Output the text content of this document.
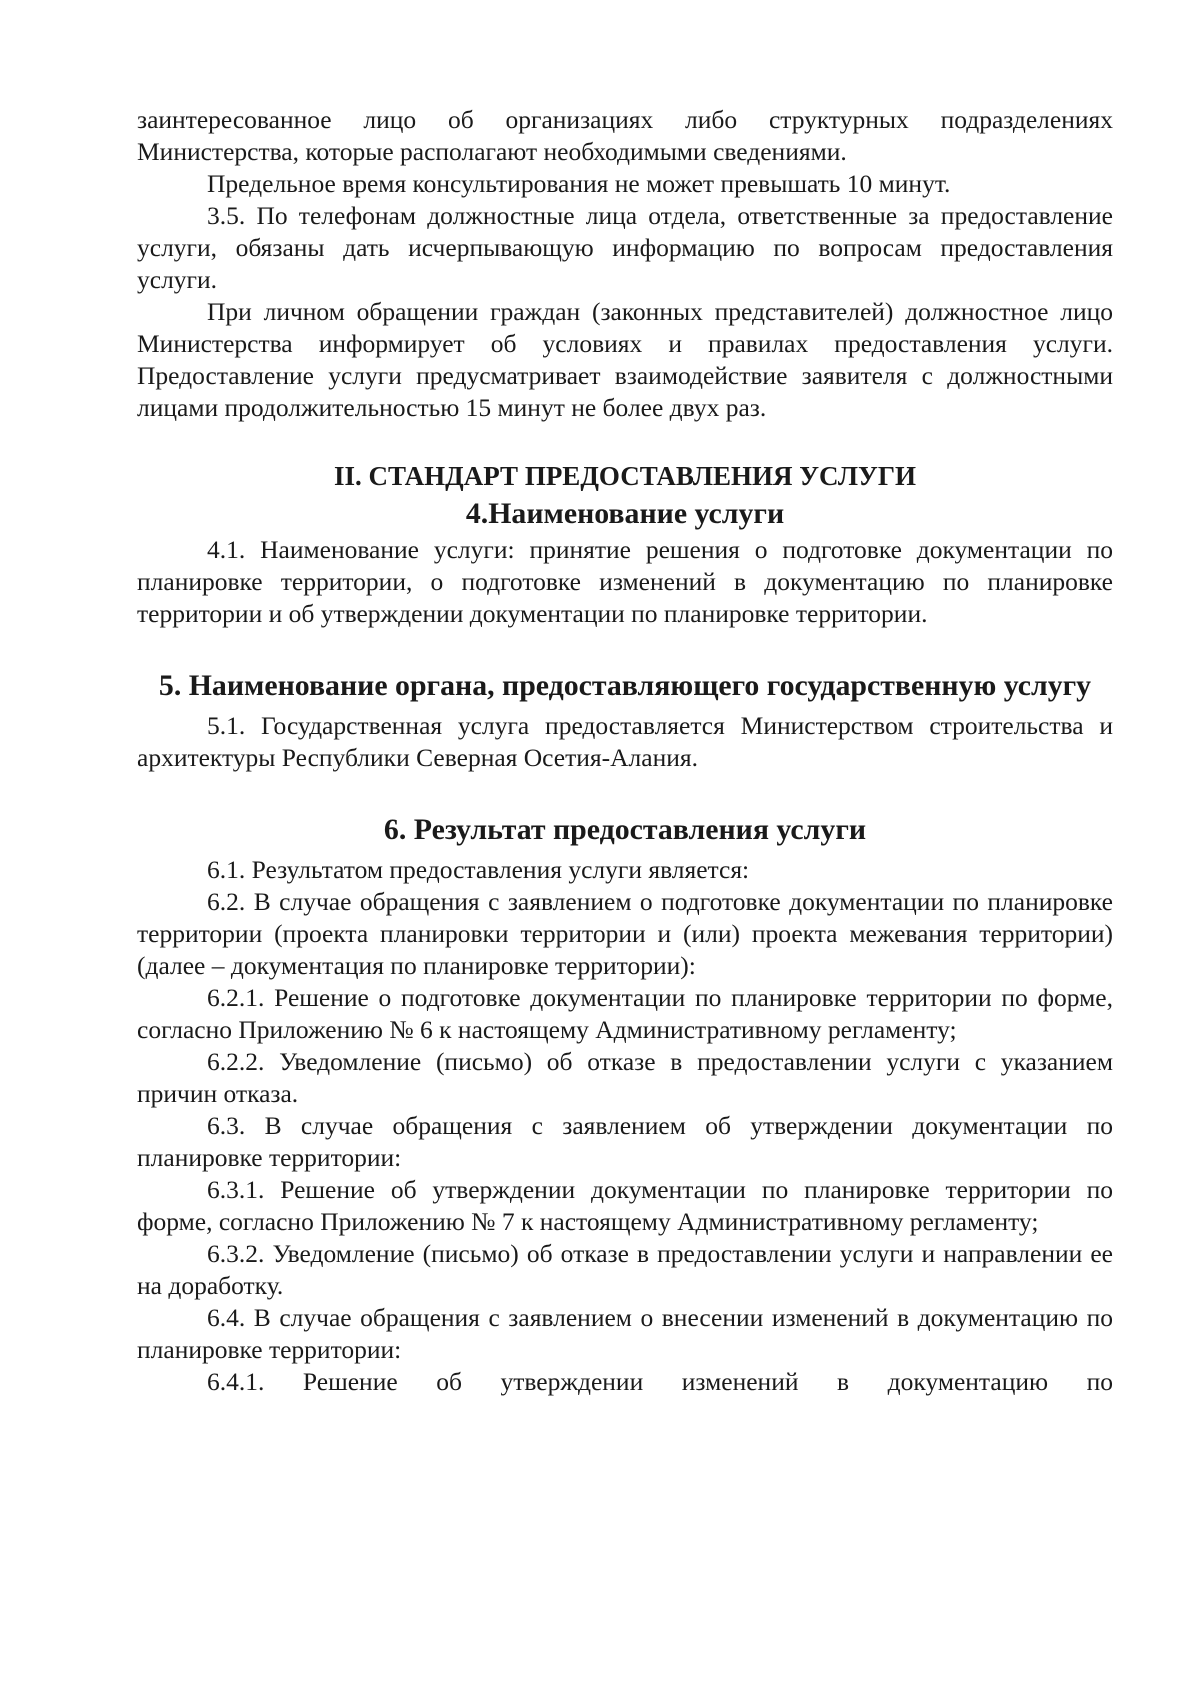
заинтересованное лицо об организациях либо структурных подразделениях Министерства, которые располагают необходимыми сведениями.

Предельное время консультирования не может превышать 10 минут.

3.5. По телефонам должностные лица отдела, ответственные за предоставление услуги, обязаны дать исчерпывающую информацию по вопросам предоставления услуги.

При личном обращении граждан (законных представителей) должностное лицо Министерства информирует об условиях и правилах предоставления услуги. Предоставление услуги предусматривает взаимодействие заявителя с должностными лицами продолжительностью 15 минут не более двух раз.

II. СТАНДАРТ ПРЕДОСТАВЛЕНИЯ УСЛУГИ
4.Наименование услуги

4.1. Наименование услуги: принятие решения о подготовке документации по планировке территории, о подготовке изменений в документацию по планировке территории и об утверждении документации по планировке территории.

5. Наименование органа, предоставляющего государственную услугу

5.1. Государственная услуга предоставляется Министерством строительства и архитектуры Республики Северная Осетия-Алания.

6. Результат предоставления услуги

6.1. Результатом предоставления услуги является:

6.2. В случае обращения с заявлением о подготовке документации по планировке территории (проекта планировки территории и (или) проекта межевания территории) (далее – документация по планировке территории):

6.2.1. Решение о подготовке документации по планировке территории по форме, согласно Приложению № 6 к настоящему Административному регламенту;

6.2.2. Уведомление (письмо) об отказе в предоставлении услуги с указанием причин отказа.

6.3. В случае обращения с заявлением об утверждении документации по планировке территории:

6.3.1. Решение об утверждении документации по планировке территории по форме, согласно Приложению № 7 к настоящему Административному регламенту;

6.3.2. Уведомление (письмо) об отказе в предоставлении услуги и направлении ее на доработку.

6.4. В случае обращения с заявлением о внесении изменений в документацию по планировке территории:

6.4.1. Решение об утверждении изменений в документацию по
